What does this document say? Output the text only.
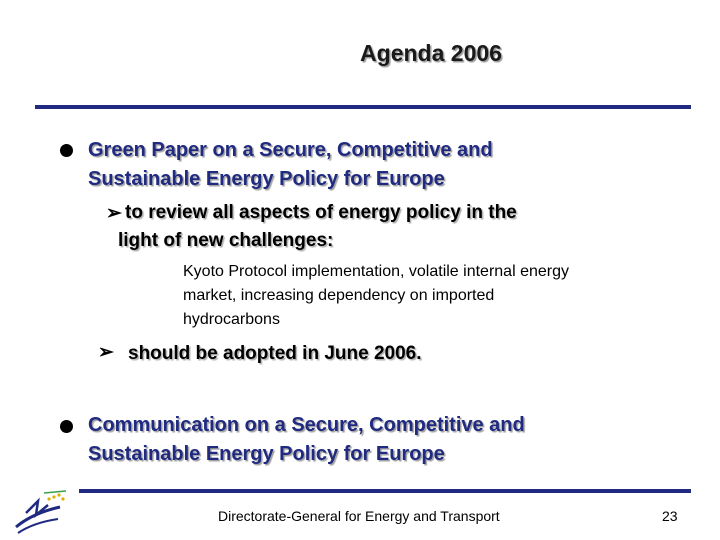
Agenda 2006
Green Paper on a Secure, Competitive and
Sustainable Energy Policy for Europe
➢ to review all aspects of energy policy in the
light of new challenges:
Kyoto Protocol implementation, volatile internal energy
market, increasing dependency on imported
hydrocarbons
➢ should be adopted in June 2006.
Communication on a Secure, Competitive and
Sustainable Energy Policy for Europe
Directorate-General for Energy and Transport	23
